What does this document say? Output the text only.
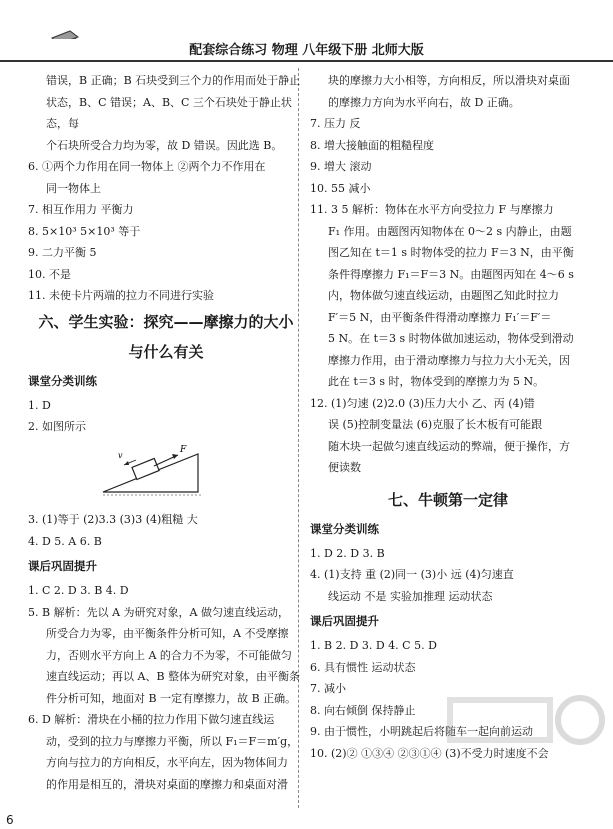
配套综合练习 物理 八年级下册 北师大版

错误，B 正确；B 石块受到三个力的作用而处于静止

状态，B、C 错误；A、B、C 三个石块处于静止状态，每

个石块所受合力均为零，故 D 错误。因此选 B。

6. ①两个力作用在同一物体上 ②两个力不作用在

同一物体上

7. 相互作用力 平衡力

8. 5×10³ 5×10³ 等于

9. 二力平衡 5

10. 不是

11. 未使卡片两端的拉力不同进行实验

六、学生实验：探究——摩擦力的大小
与什么有关
课堂分类训练

1. D

2. 如图所示

F
v

3. (1)等于 (2)3.3 (3)3 (4)粗糙 大

4. D 5. A 6. B

课后巩固提升

1. C 2. D 3. B 4. D

5. B 解析：先以 A 为研究对象，A 做匀速直线运动，

所受合力为零，由平衡条件分析可知，A 不受摩擦

力，否则水平方向上 A 的合力不为零，不可能做匀

速直线运动；再以 A、B 整体为研究对象，由平衡条

件分析可知，地面对 B 一定有摩擦力，故 B 正确。

6. D 解析：滑块在小桶的拉力作用下做匀速直线运

动，受到的拉力与摩擦力平衡，所以 F₁＝F＝m′g，

方向与拉力的方向相反，水平向左，因为物体间力

的作用是相互的，滑块对桌面的摩擦力和桌面对滑

块的摩擦力大小相等，方向相反，所以滑块对桌面

的摩擦力方向为水平向右，故 D 正确。

7. 压力 反

8. 增大接触面的粗糙程度

9. 增大 滚动

10. 55 减小

11. 3 5 解析：物体在水平方向受拉力 F 与摩擦力

F₁ 作用。由题图丙知物体在 0～2 s 内静止，由题

图乙知在 t＝1 s 时物体受的拉力 F＝3 N，由平衡

条件得摩擦力 F₁＝F＝3 N。由题图丙知在 4～6 s

内，物体做匀速直线运动，由题图乙知此时拉力

F′＝5 N，由平衡条件得滑动摩擦力 F₁′＝F′＝

5 N。在 t＝3 s 时物体做加速运动，物体受到滑动

摩擦力作用，由于滑动摩擦力与拉力大小无关，因

此在 t＝3 s 时，物体受到的摩擦力为 5 N。

12. (1)匀速 (2)2.0 (3)压力大小 乙、丙 (4)错

误 (5)控制变量法 (6)克服了长木板有可能跟

随木块一起做匀速直线运动的弊端，便于操作，方

便读数

七、牛顿第一定律
课堂分类训练

1. D 2. D 3. B

4. (1)支持 重 (2)同一 (3)小 远 (4)匀速直

线运动 不是 实验加推理 运动状态

课后巩固提升

1. B 2. D 3. D 4. C 5. D

6. 具有惯性 运动状态

7. 减小

8. 向右倾倒 保持静止

9. 由于惯性，小明跳起后将随车一起向前运动

10. (2)② ①③④ ②③①④ (3)不受力时速度不会

6
